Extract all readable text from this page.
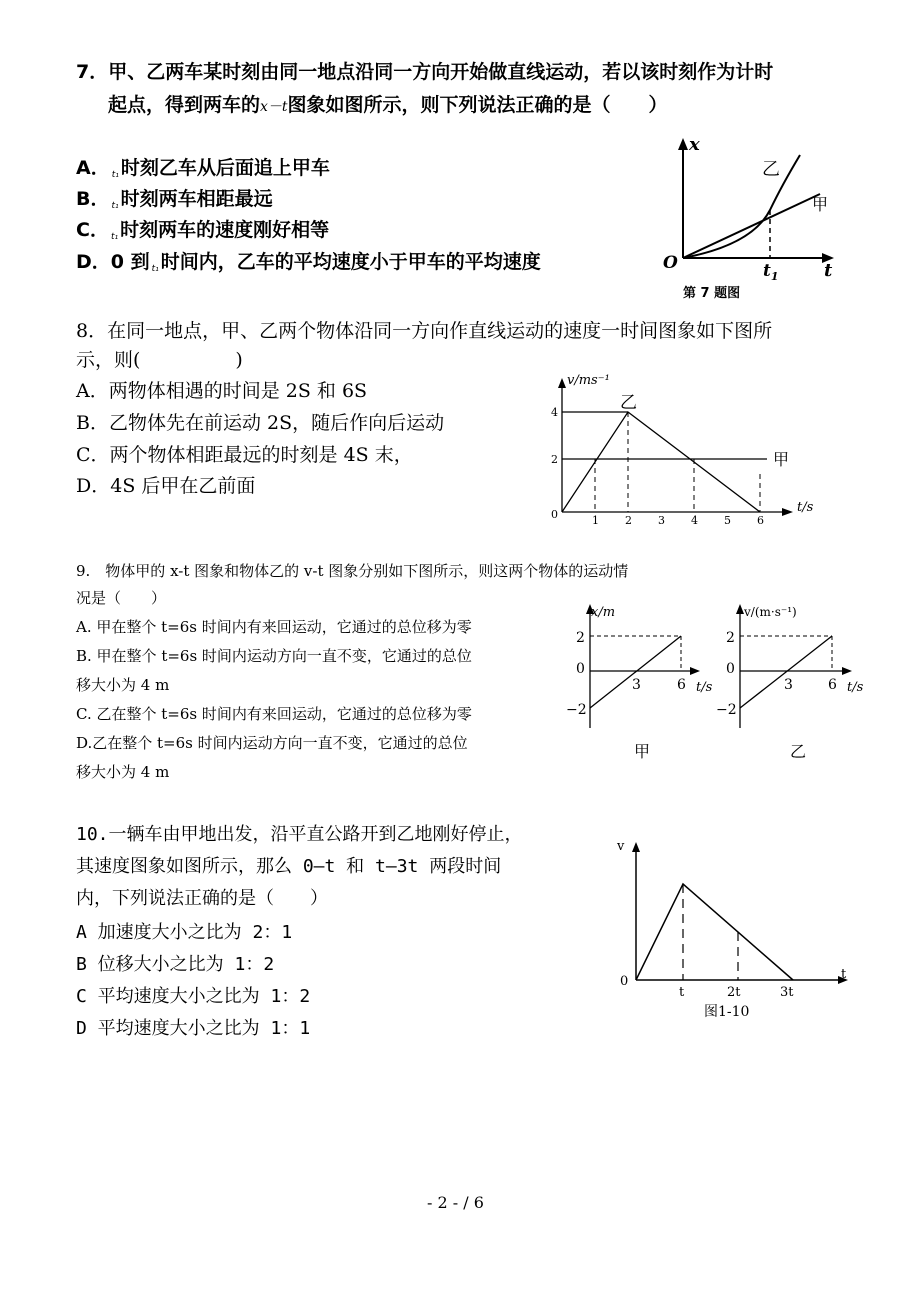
7．甲、乙两车某时刻由同一地点沿同一方向开始做直线运动，若以该时刻作为计时
起点，得到两车的x－t图象如图所示，则下列说法正确的是（　　）
A． $_{t_1}$ 时刻乙车从后面追上甲车
B． $_{t_1}$ 时刻两车相距最远
C． $_{t_1}$ 时刻两车的速度刚好相等
D．0 到 $_{t_1}$ 时间内，乙车的平均速度小于甲车的平均速度
x
t
O	$t_1$
乙
甲
第 7 题图
8．在同一地点，甲、乙两个物体沿同一方向作直线运动的速度一时间图象如下图所
示，则(　　　　　)
A．两物体相遇的时间是 2S 和 6S
B．乙物体先在前运动 2S，随后作向后运动
C．两个物体相距最远的时刻是 4S 末，
D．4S 后甲在乙前面
v/ms⁻¹
t/s
4
2
0	1 2 3 4 5 6
乙
甲
9.　物体甲的 x-t 图象和物体乙的 v-t 图象分别如下图所示，则这两个物体的运动情
况是（　　）
A. 甲在整个 t=6s 时间内有来回运动，它通过的总位移为零
B. 甲在整个 t=6s 时间内运动方向一直不变，它通过的总位
移大小为 4 m
C. 乙在整个 t=6s 时间内有来回运动，它通过的总位移为零
D.乙在整个 t=6s 时间内运动方向一直不变，它通过的总位
移大小为 4 m
x/m
t/s
2
0
−2
3	6
甲
v/(m·s⁻¹)
t/s
2
0
−2
3	6
乙
10.一辆车由甲地出发，沿平直公路开到乙地刚好停止，
其速度图象如图所示，那么 0—t 和 t—3t 两段时间
内，下列说法正确的是（　　）
A 加速度大小之比为 2：1
B 位移大小之比为 1：2
C 平均速度大小之比为 1：2
D 平均速度大小之比为 1：1
v
t
0
t	2t	3t
图1-10
- 2 - / 6
